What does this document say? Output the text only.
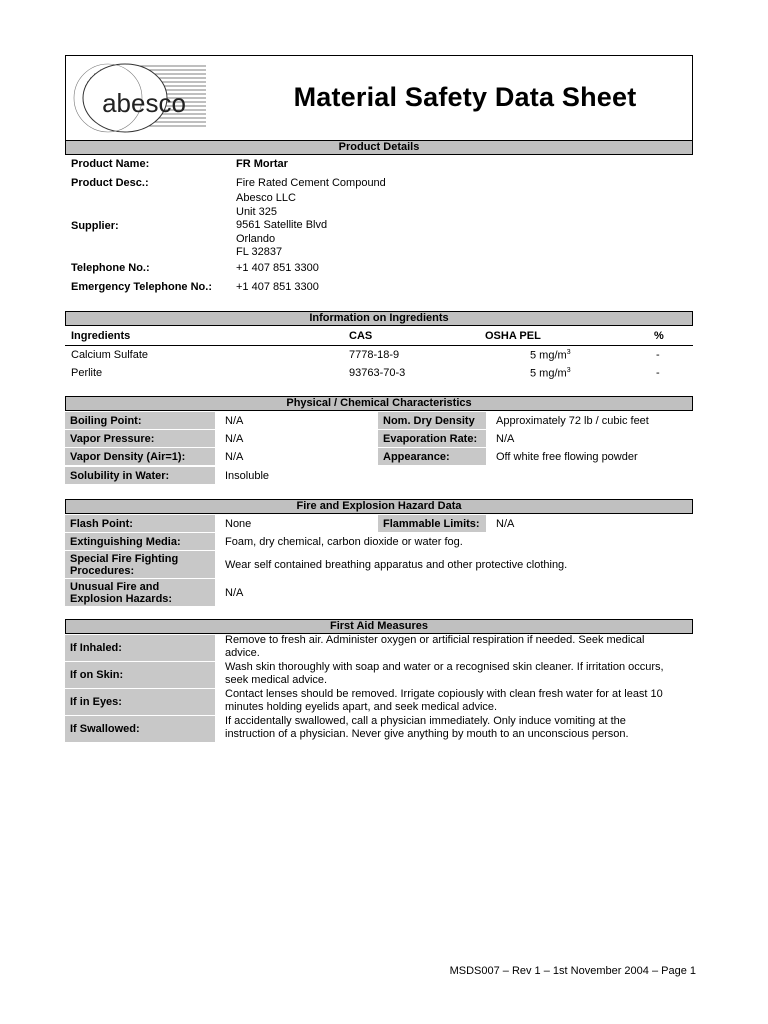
abesco	Material Safety Data Sheet
Product Details
Product Name:	FR Mortar
Product Desc.:	Fire Rated Cement Compound
Supplier:
Abesco LLC
Unit 325
9561 Satellite Blvd
Orlando
FL 32837
Telephone No.:	+1 407 851 3300
Emergency Telephone No.: +1 407 851 3300
Information on Ingredients
Ingredients	CAS	OSHA PEL	%
Calcium Sulfate	7778-18-9	5 $mg/m^3$	-
Perlite	93763-70-3	5 $mg/m^3$	-
Physical / Chemical Characteristics
Boiling Point:	N/A	Nom. Dry Density	Approximately 72 lb / cubic feet
Vapor Pressure:	N/A	Evaporation Rate:	N/A
Vapor Density (Air=1):	N/A	Appearance:	Off white free flowing powder
Solubility in Water:	Insoluble
Fire and Explosion Hazard Data
Flash Point:	None	Flammable Limits:	N/A
Extinguishing Media:	Foam, dry chemical, carbon dioxide or water fog.
Special Fire Fighting
Procedures:	Wear self contained breathing apparatus and other protective clothing.
Unusual Fire and
Explosion Hazards:	N/A
First Aid Measures
If Inhaled:
Remove to fresh air. Administer oxygen or artificial respiration if needed. Seek medical
advice.
If on Skin:
Wash skin thoroughly with soap and water or a recognised skin cleaner. If irritation occurs,
seek medical advice.
If in Eyes:
Contact lenses should be removed. Irrigate copiously with clean fresh water for at least 10
minutes holding eyelids apart, and seek medical advice.
If Swallowed:
If accidentally swallowed, call a physician immediately. Only induce vomiting at the
instruction of a physician. Never give anything by mouth to an unconscious person.
MSDS007 – Rev 1 – 1st November 2004 – Page 1
